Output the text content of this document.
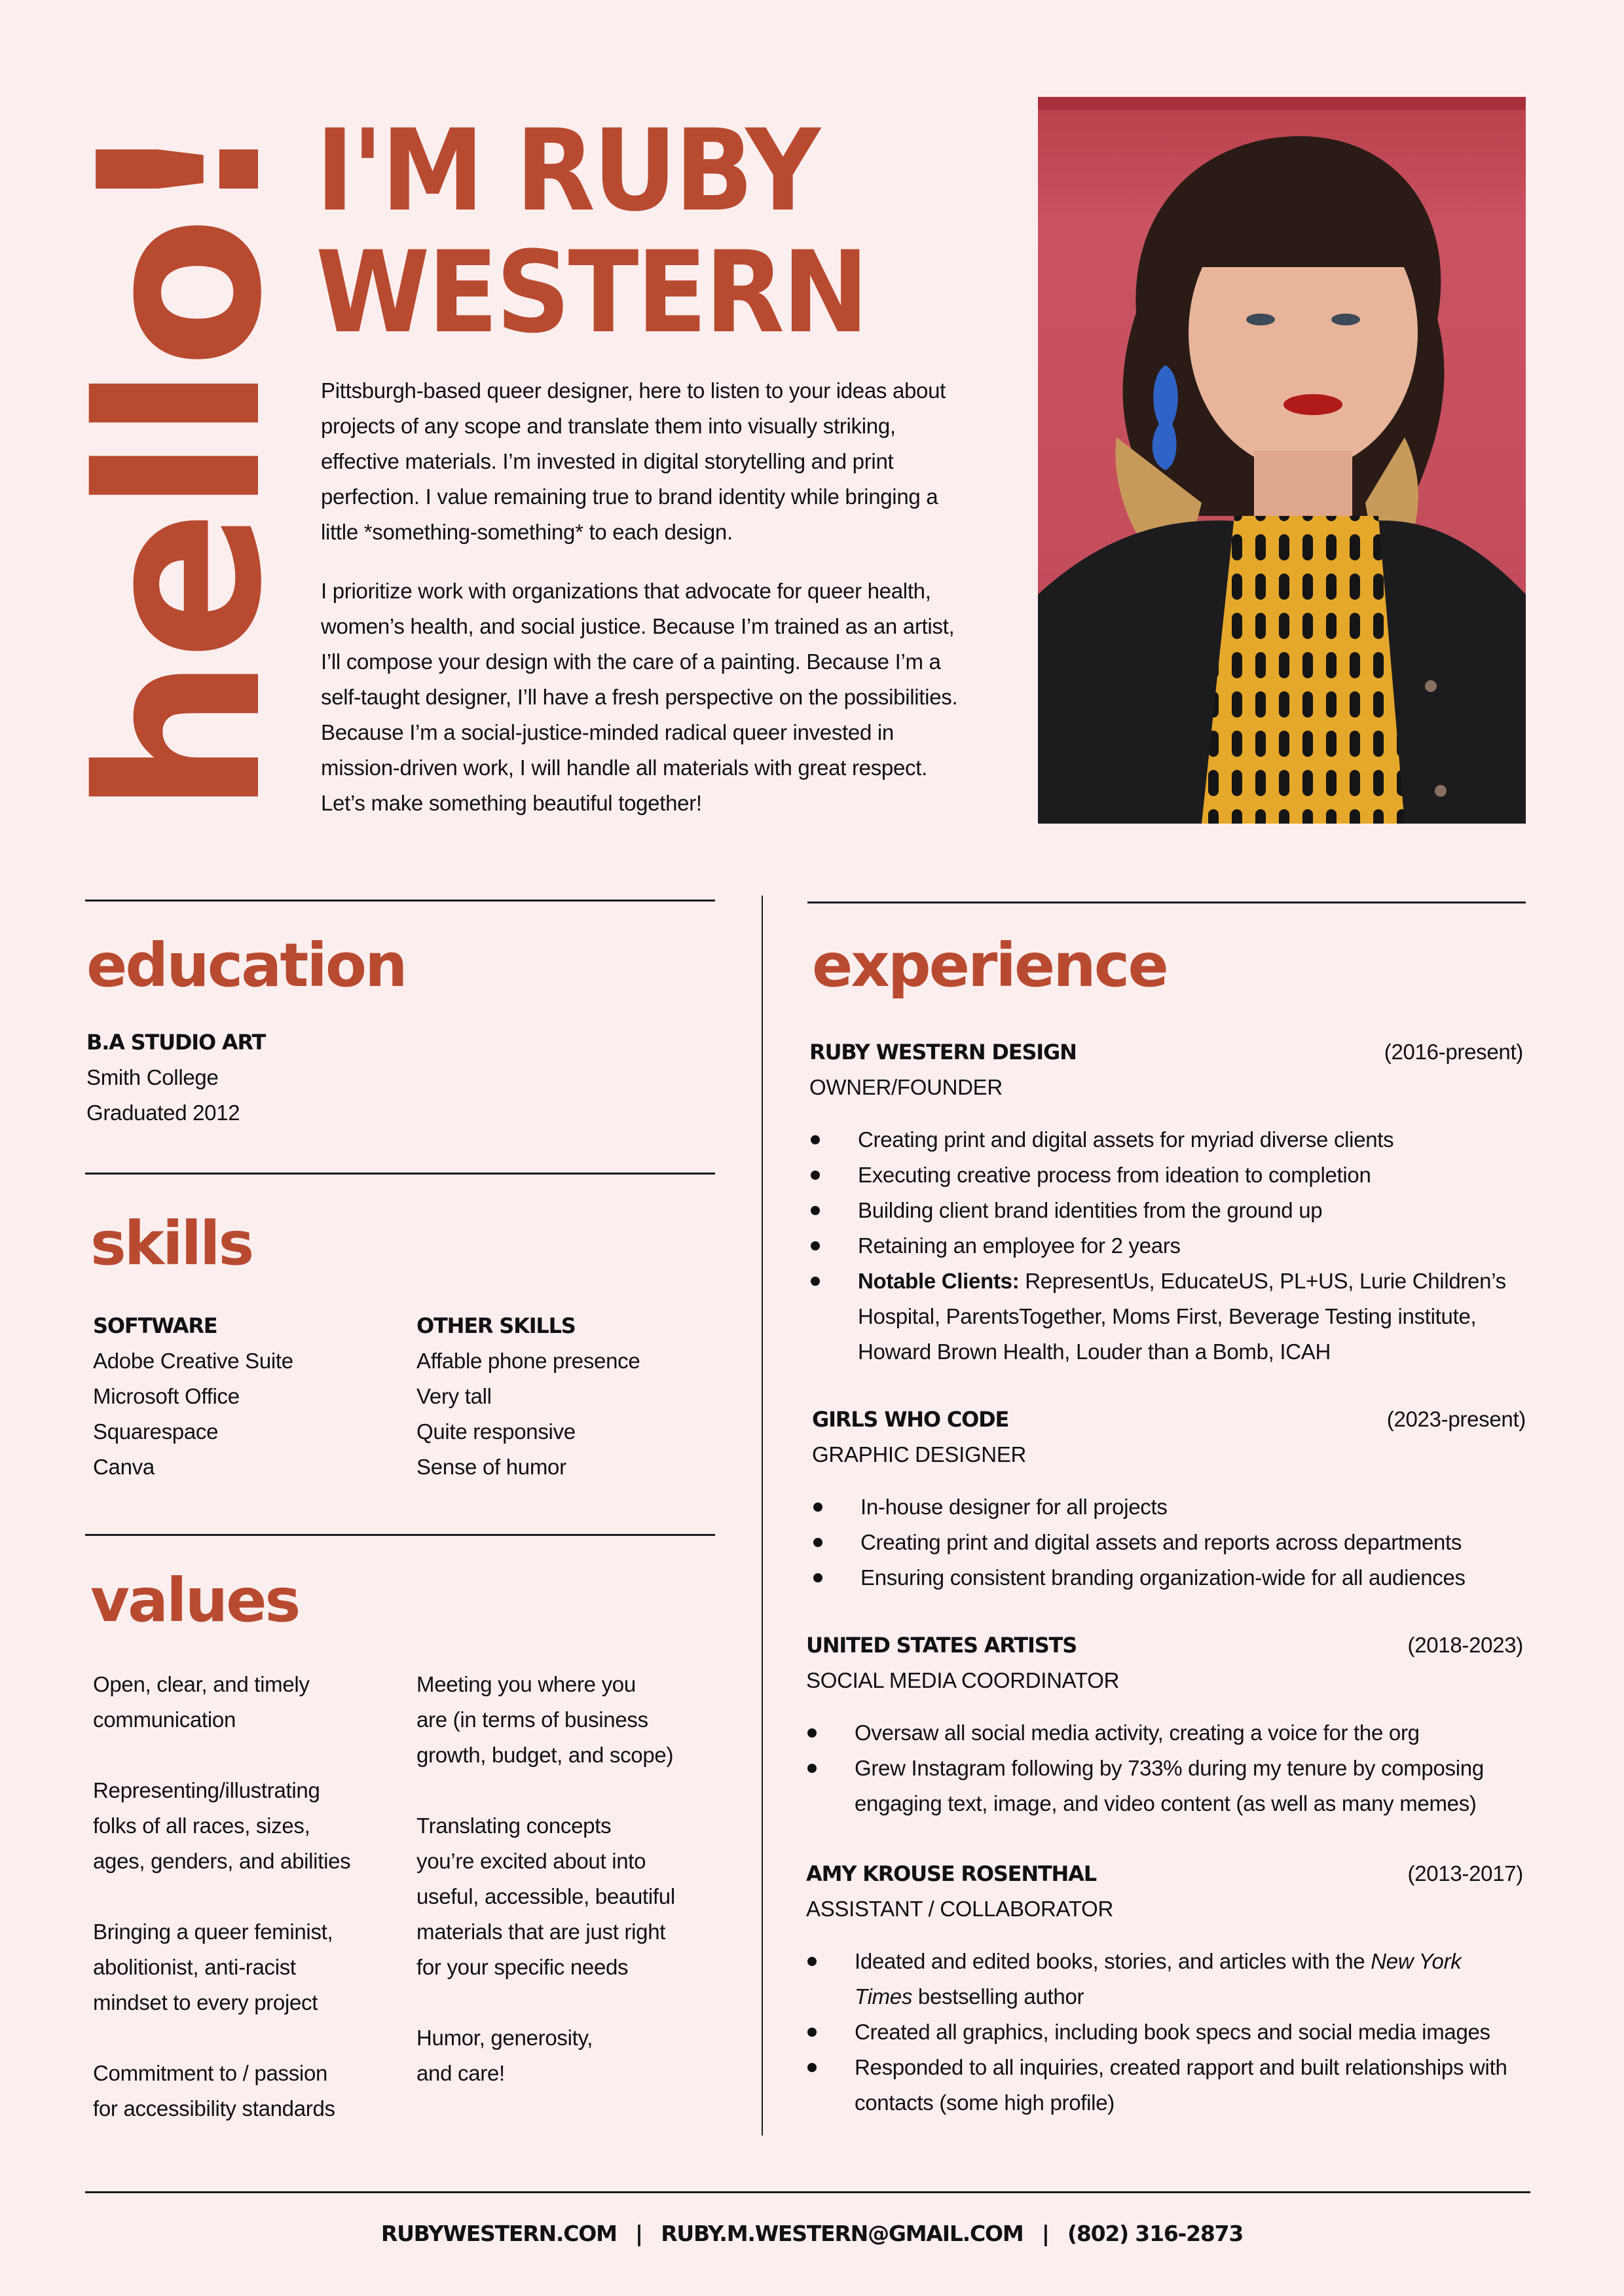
hello! I'M RUBY
WESTERN

Pittsburgh-based queer designer, here to listen to your ideas about projects of any scope and translate them into visually striking, effective materials. I’m invested in digital storytelling and print perfection. I value remaining true to brand identity while bringing a little *something-something* to each design.

I prioritize work with organizations that advocate for queer health, women’s health, and social justice. Because I’m trained as an artist, I’ll compose your design with the care of a painting. Because I’m a self-taught designer, I’ll have a fresh perspective on the possibilities. Because I’m a social-justice-minded radical queer invested in mission-driven work, I will handle all materials with great respect. Let’s make something beautiful together!

education
B.A STUDIO ART
Smith College
Graduated 2012
skills
SOFTWARE
Adobe Creative Suite
Microsoft Office
Squarespace
Canva
OTHER SKILLS
Affable phone presence
Very tall
Quite responsive
Sense of humor
values
Open, clear, and timely
communication
Representing/illustrating
folks of all races, sizes,
ages, genders, and abilities
Bringing a queer feminist,
abolitionist, anti-racist
mindset to every project
Commitment to / passion
for accessibility standards
Meeting you where you
are (in terms of business
growth, budget, and scope)
Translating concepts
you’re excited about into
useful, accessible, beautiful
materials that are just right
for your specific needs
Humor, generosity,
and care!
experience
RUBY WESTERN DESIGN	(2016-present)
OWNER/FOUNDER
Creating print and digital assets for myriad diverse clients
Executing creative process from ideation to completion
Building client brand identities from the ground up
Retaining an employee for 2 years
Notable Clients: RepresentUs, EducateUS, PL+US, Lurie Children’s Hospital, ParentsTogether, Moms First, Beverage Testing institute, Howard Brown Health, Louder than a Bomb, ICAH
GIRLS WHO CODE	(2023-present)
GRAPHIC DESIGNER
In-house designer for all projects
Creating print and digital assets and reports across departments
Ensuring consistent branding organization-wide for all audiences
UNITED STATES ARTISTS	(2018-2023)
SOCIAL MEDIA COORDINATOR
Oversaw all social media activity, creating a voice for the org
Grew Instagram following by 733% during my tenure by composing engaging text, image, and video content (as well as many memes)
AMY KROUSE ROSENTHAL	(2013-2017)
ASSISTANT / COLLABORATOR
Ideated and edited books, stories, and articles with the New York Times bestselling author
Created all graphics, including book specs and social media images
Responded to all inquiries, created rapport and built relationships with contacts (some high profile)
RUBYWESTERN.COM | RUBY.M.WESTERN@GMAIL.COM | (802) 316-2873
